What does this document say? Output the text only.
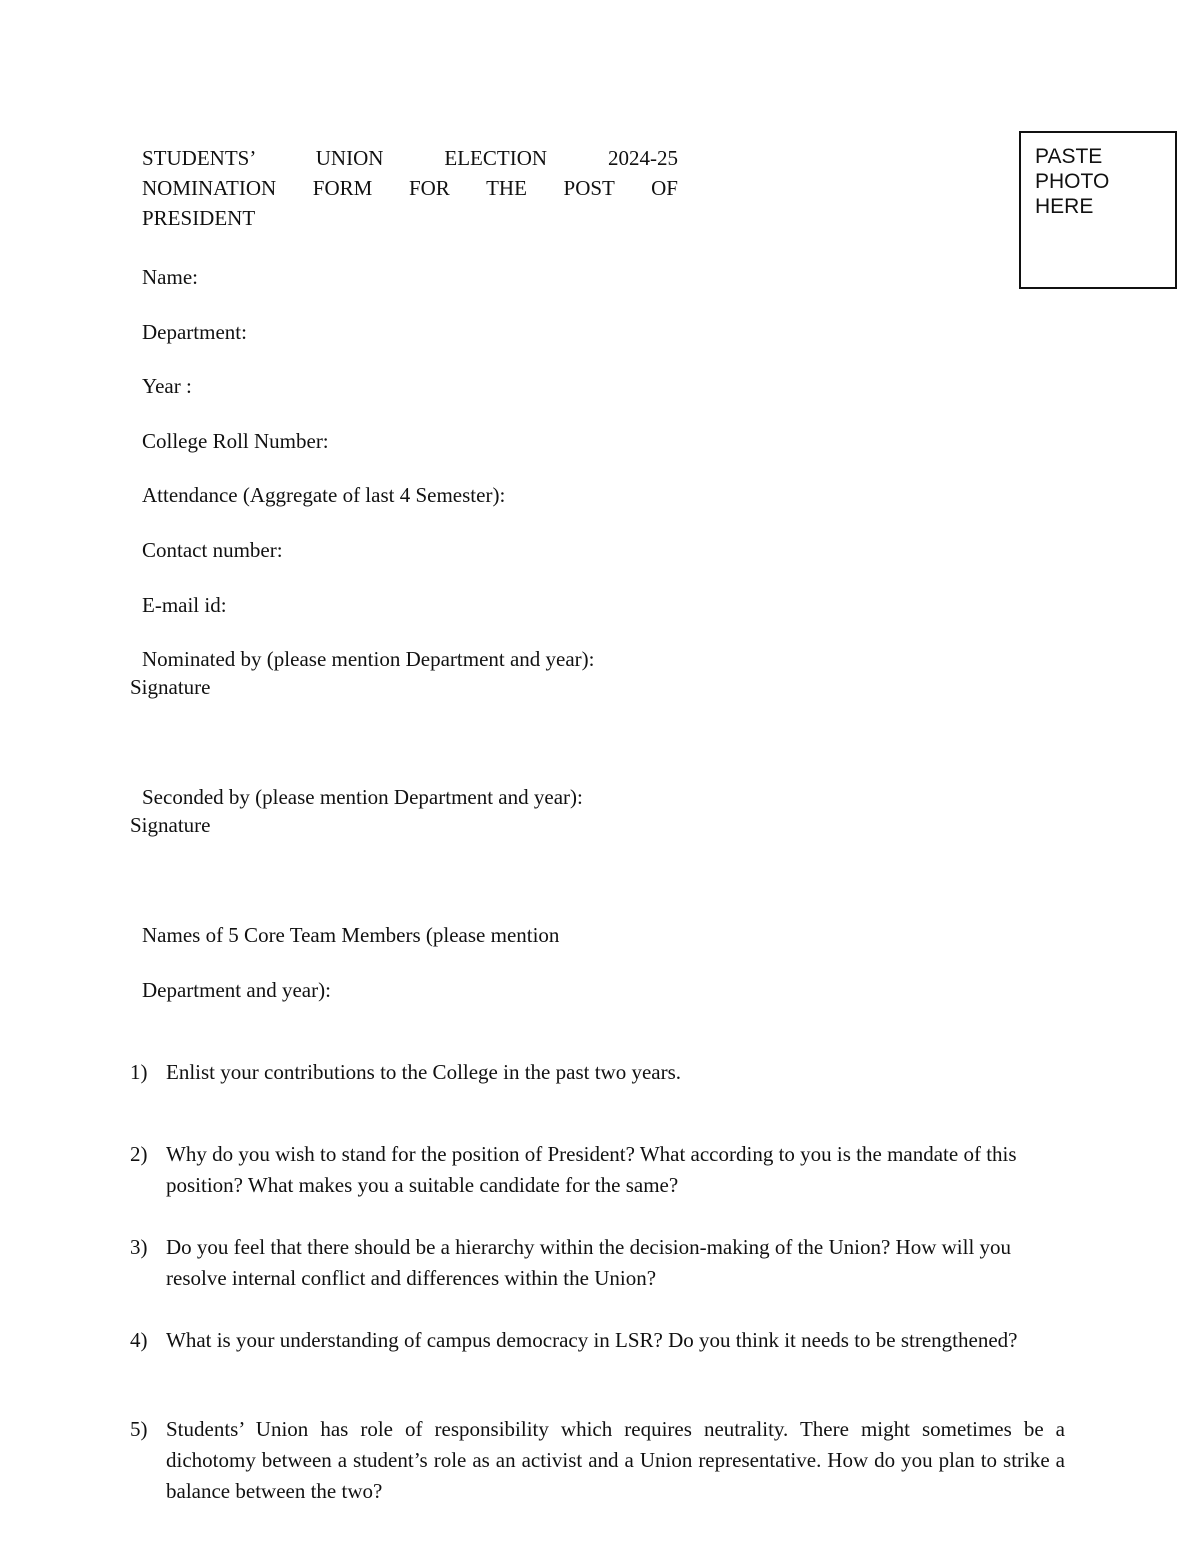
STUDENTS’ UNION ELECTION 2024-25
NOMINATION FORM FOR THE POST OF
PRESIDENT
PASTE PHOTO HERE
Name:
Department:
Year :
College Roll Number:
Attendance (Aggregate of last 4 Semester):
Contact number:
E-mail id:
Nominated by (please mention Department and year):
Signature
Seconded by (please mention Department and year):
Signature
Names of 5 Core Team Members (please mention
Department and year):
1) Enlist your contributions to the College in the past two years.
2) Why do you wish to stand for the position of President? What according to you is the mandate of this position? What makes you a suitable candidate for the same?
3) Do you feel that there should be a hierarchy within the decision-making of the Union? How will you resolve internal conflict and differences within the Union?
4) What is your understanding of campus democracy in LSR? Do you think it needs to be strengthened?
5) Students’ Union has role of responsibility which requires neutrality. There might sometimes be a dichotomy between a student’s role as an activist and a Union representative. How do you plan to strike a balance between the two?
